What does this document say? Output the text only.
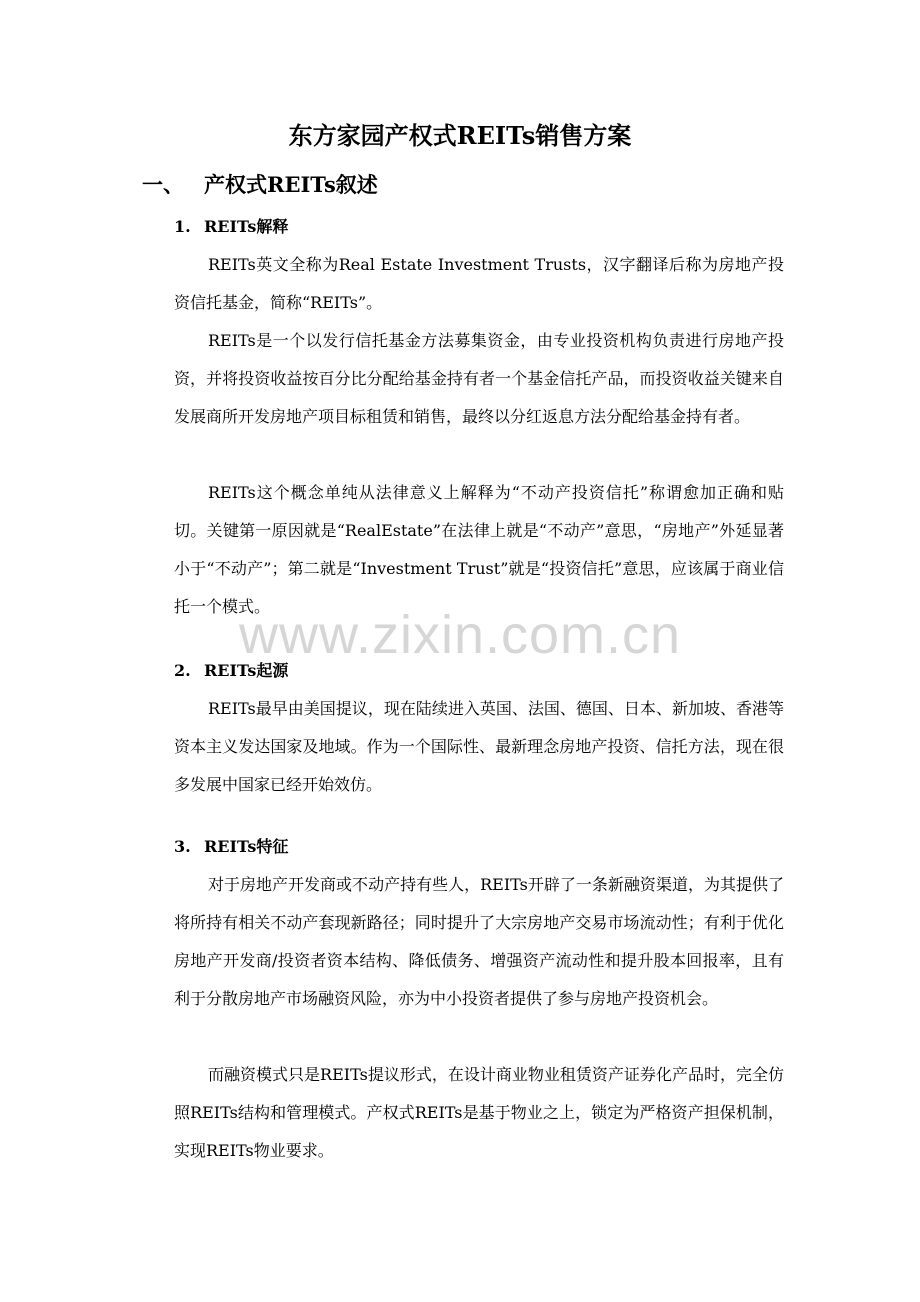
东方家园产权式REITs销售方案
一、 产权式REITs叙述
1. REITs解释

REITs英文全称为Real Estate Investment Trusts，汉字翻译后称为房地产投资信托基金，简称“REITs”。

REITs是一个以发行信托基金方法募集资金，由专业投资机构负责进行房地产投资，并将投资收益按百分比分配给基金持有者一个基金信托产品，而投资收益关键来自发展商所开发房地产项目标租赁和销售，最终以分红返息方法分配给基金持有者。

REITs这个概念单纯从法律意义上解释为“不动产投资信托”称谓愈加正确和贴切。关键第一原因就是“RealEstate”在法律上就是“不动产”意思，“房地产”外延显著小于“不动产”；第二就是“Investment Trust”就是“投资信托”意思，应该属于商业信托一个模式。

www.zixin.com.cn
2. REITs起源

REITs最早由美国提议，现在陆续进入英国、法国、德国、日本、新加坡、香港等资本主义发达国家及地域。作为一个国际性、最新理念房地产投资、信托方法，现在很多发展中国家已经开始效仿。

3. REITs特征

对于房地产开发商或不动产持有些人，REITs开辟了一条新融资渠道，为其提供了将所持有相关不动产套现新路径；同时提升了大宗房地产交易市场流动性；有利于优化房地产开发商/投资者资本结构、降低债务、增强资产流动性和提升股本回报率，且有利于分散房地产市场融资风险，亦为中小投资者提供了参与房地产投资机会。

而融资模式只是REITs提议形式，在设计商业物业租赁资产证券化产品时，完全仿照REITs结构和管理模式。产权式REITs是基于物业之上，锁定为严格资产担保机制，实现REITs物业要求。
